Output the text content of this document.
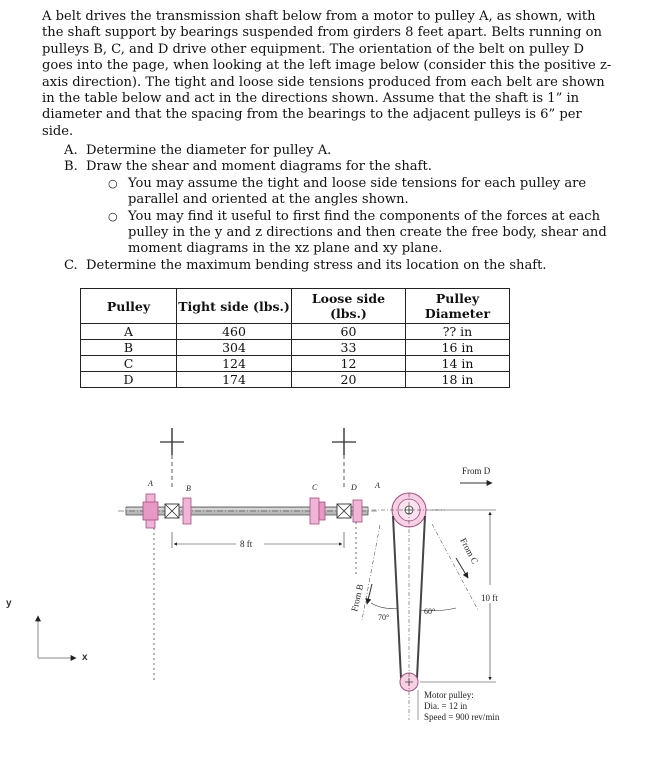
A belt drives the transmission shaft below from a motor to pulley A, as shown, with the shaft support by bearings suspended from girders 8 feet apart. Belts running on pulleys B, C, and D drive other equipment. The orientation of the belt on pulley D goes into the page, when looking at the left image below (consider this the positive z-axis direction). The tight and loose side tensions produced from each belt are shown in the table below and act in the directions shown. Assume that the shaft is 1” in diameter and that the spacing from the bearings to the adjacent pulleys is 6” per side.

A. Determine the diameter for pulley A.
B. Draw the shear and moment diagrams for the shaft.
○ You may assume the tight and loose side tensions for each pulley are parallel and oriented at the angles shown.
○ You may find it useful to first find the components of the forces at each pulley in the y and z directions and then create the free body, shear and moment diagrams in the xz plane and xy plane.
C. Determine the maximum bending stress and its location on the shaft.
Pulley	Tight side (lbs.)	Loose side (lbs.)	Pulley Diameter
A	460	60	?? in
B	304	33	16 in
C	124	12	14 in
D	174	20	18 in
8 ft
A
B	C	D A
10 ft
From D
From C
From B
70°
60°
Motor pulley:
Dia. = 12 in
Speed = 900 rev/min
y
x
